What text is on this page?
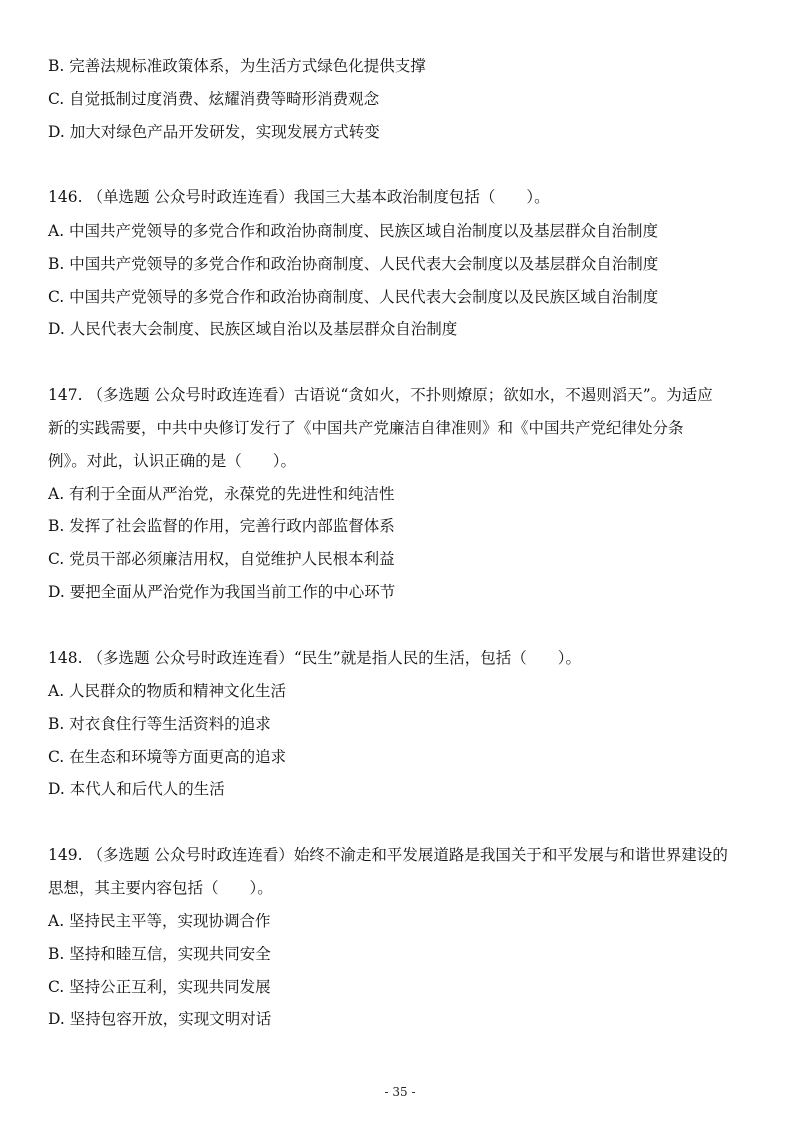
B. 完善法规标准政策体系，为生活方式绿色化提供支撑

C. 自觉抵制过度消费、炫耀消费等畸形消费观念

D. 加大对绿色产品开发研发，实现发展方式转变

146. （单选题 公众号时政连连看）我国三大基本政治制度包括（　　）。

A. 中国共产党领导的多党合作和政治协商制度、民族区域自治制度以及基层群众自治制度

B. 中国共产党领导的多党合作和政治协商制度、人民代表大会制度以及基层群众自治制度

C. 中国共产党领导的多党合作和政治协商制度、人民代表大会制度以及民族区域自治制度

D. 人民代表大会制度、民族区域自治以及基层群众自治制度

147. （多选题 公众号时政连连看）古语说“贪如火，不扑则燎原；欲如水，不遏则滔天”。为适应

新的实践需要，中共中央修订发行了《中国共产党廉洁自律准则》和《中国共产党纪律处分条

例》。对此，认识正确的是（　　）。

A. 有利于全面从严治党，永葆党的先进性和纯洁性

B. 发挥了社会监督的作用，完善行政内部监督体系

C. 党员干部必须廉洁用权，自觉维护人民根本利益

D. 要把全面从严治党作为我国当前工作的中心环节

148. （多选题 公众号时政连连看）“民生”就是指人民的生活，包括（　　）。

A. 人民群众的物质和精神文化生活

B. 对衣食住行等生活资料的追求

C. 在生态和环境等方面更高的追求

D. 本代人和后代人的生活

149. （多选题 公众号时政连连看）始终不渝走和平发展道路是我国关于和平发展与和谐世界建设的

思想，其主要内容包括（　　）。

A. 坚持民主平等，实现协调合作

B. 坚持和睦互信，实现共同安全

C. 坚持公正互利，实现共同发展

D. 坚持包容开放，实现文明对话

- 35 -
